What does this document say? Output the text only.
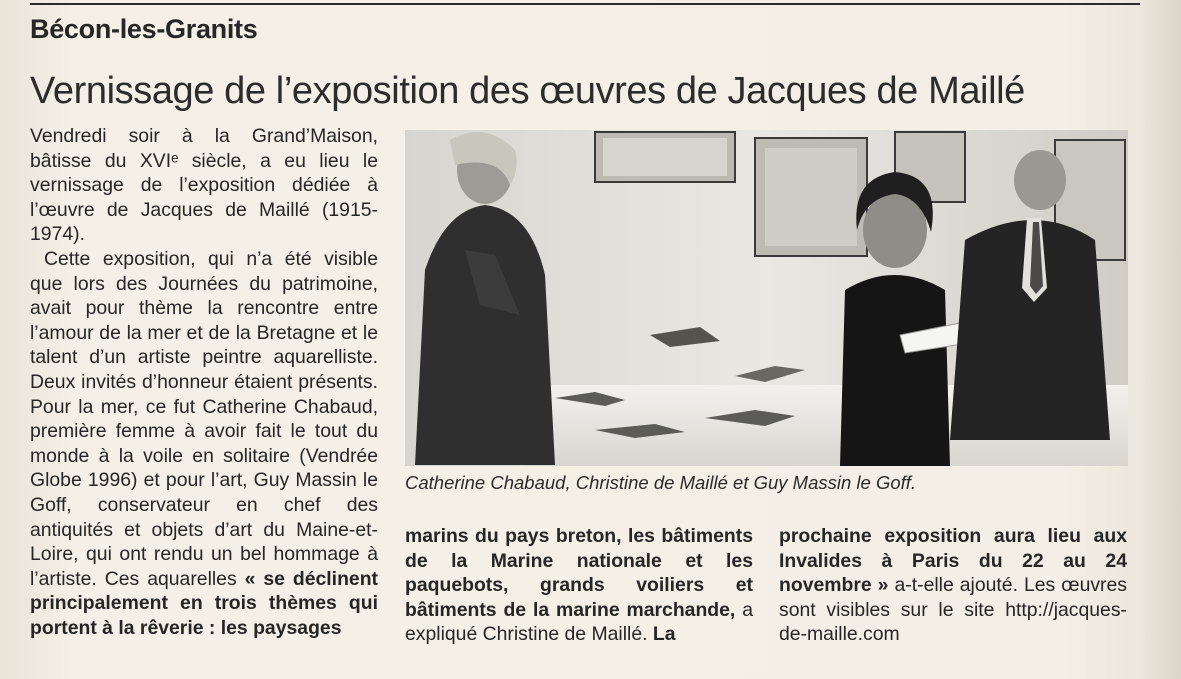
Bécon-les-Granits
Vernissage de l’exposition des œuvres de Jacques de Maillé

Vendredi soir à la Grand’Maison, bâtisse du XVIᵉ siècle, a eu lieu le vernissage de l’exposition dédiée à l’œuvre de Jacques de Maillé (1915-1974).

Cette exposition, qui n’a été visible que lors des Journées du patrimoine, avait pour thème la rencontre entre l’amour de la mer et de la Bretagne et le talent d’un artiste peintre aquarelliste. Deux invités d’honneur étaient présents. Pour la mer, ce fut Catherine Chabaud, première femme à avoir fait le tout du monde à la voile en solitaire (Vendrée Globe 1996) et pour l’art, Guy Massin le Goff, conservateur en chef des antiquités et objets d’art du Maine-et-Loire, qui ont rendu un bel hommage à l’artiste. Ces aquarelles « se déclinent principalement en trois thèmes qui portent à la rêverie : les paysages

Catherine Chabaud, Christine de Maillé et Guy Massin le Goff.

marins du pays breton, les bâtiments de la Marine nationale et les paquebots, grands voiliers et bâtiments de la marine marchande, a expliqué Christine de Maillé. La

prochaine exposition aura lieu aux Invalides à Paris du 22 au 24 novembre » a-t-elle ajouté. Les œuvres sont visibles sur le site http://jacques-de-maille.com
